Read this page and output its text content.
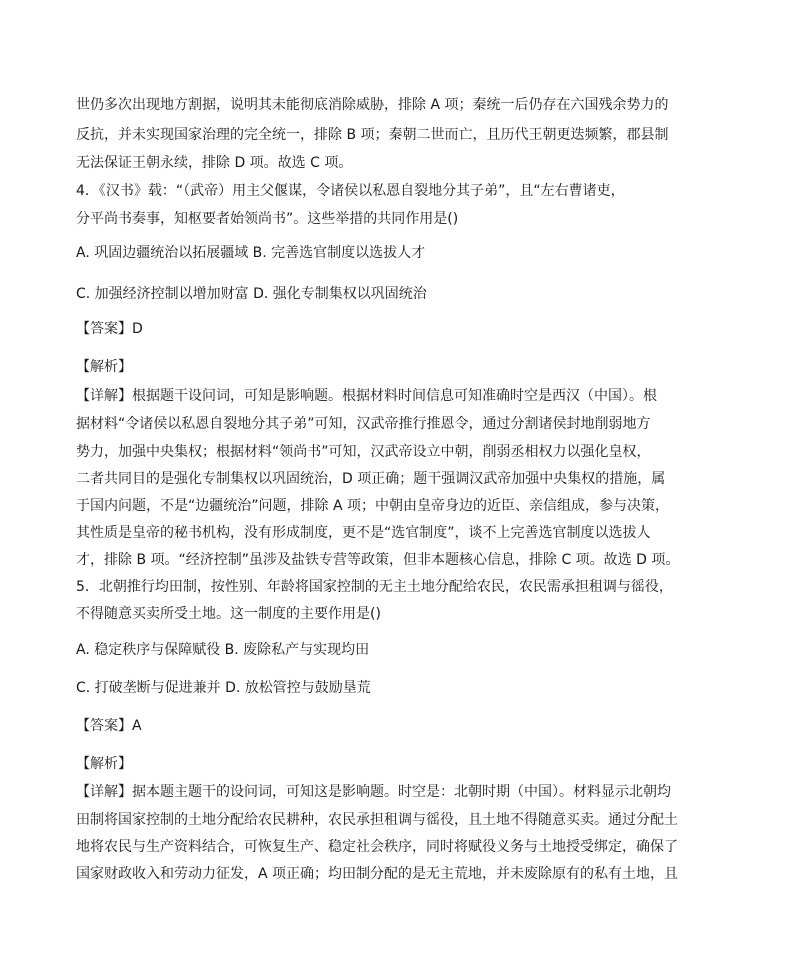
世仍多次出现地方割据，说明其未能彻底消除威胁，排除 A 项；秦统一后仍存在六国残余势力的
反抗，并未实现国家治理的完全统一，排除 B 项；秦朝二世而亡，且历代王朝更迭频繁，郡县制
无法保证王朝永续，排除 D 项。故选 C 项。
4．《汉书》载：“（武帝）用主父偃谋，令诸侯以私恩自裂地分其子弟”，且“左右曹诸吏，
分平尚书奏事，知枢要者始领尚书”。这些举措的共同作用是()
A. 巩固边疆统治以拓展疆域 B. 完善选官制度以选拔人才
C. 加强经济控制以增加财富 D. 强化专制集权以巩固统治
【答案】D
【解析】
【详解】根据题干设问词，可知是影响题。根据材料时间信息可知准确时空是西汉（中国）。根
据材料“令诸侯以私恩自裂地分其子弟”可知，汉武帝推行推恩令，通过分割诸侯封地削弱地方
势力，加强中央集权；根据材料“领尚书”可知，汉武帝设立中朝，削弱丞相权力以强化皇权，
二者共同目的是强化专制集权以巩固统治，D 项正确；题干强调汉武帝加强中央集权的措施，属
于国内问题，不是“边疆统治”问题，排除 A 项；中朝由皇帝身边的近臣、亲信组成，参与决策，
其性质是皇帝的秘书机构，没有形成制度，更不是“选官制度”，谈不上完善选官制度以选拔人
才，排除 B 项。“经济控制”虽涉及盐铁专营等政策，但非本题核心信息，排除 C 项。故选 D 项。
5．北朝推行均田制，按性别、年龄将国家控制的无主土地分配给农民，农民需承担租调与徭役，
不得随意买卖所受土地。这一制度的主要作用是()
A. 稳定秩序与保障赋役 B. 废除私产与实现均田
C. 打破垄断与促进兼并 D. 放松管控与鼓励垦荒
【答案】A
【解析】
【详解】据本题主题干的设问词，可知这是影响题。时空是：北朝时期（中国）。材料显示北朝均
田制将国家控制的土地分配给农民耕种，农民承担租调与徭役，且土地不得随意买卖。通过分配土
地将农民与生产资料结合，可恢复生产、稳定社会秩序，同时将赋役义务与土地授受绑定，确保了
国家财政收入和劳动力征发，A 项正确；均田制分配的是无主荒地，并未废除原有的私有土地，且
